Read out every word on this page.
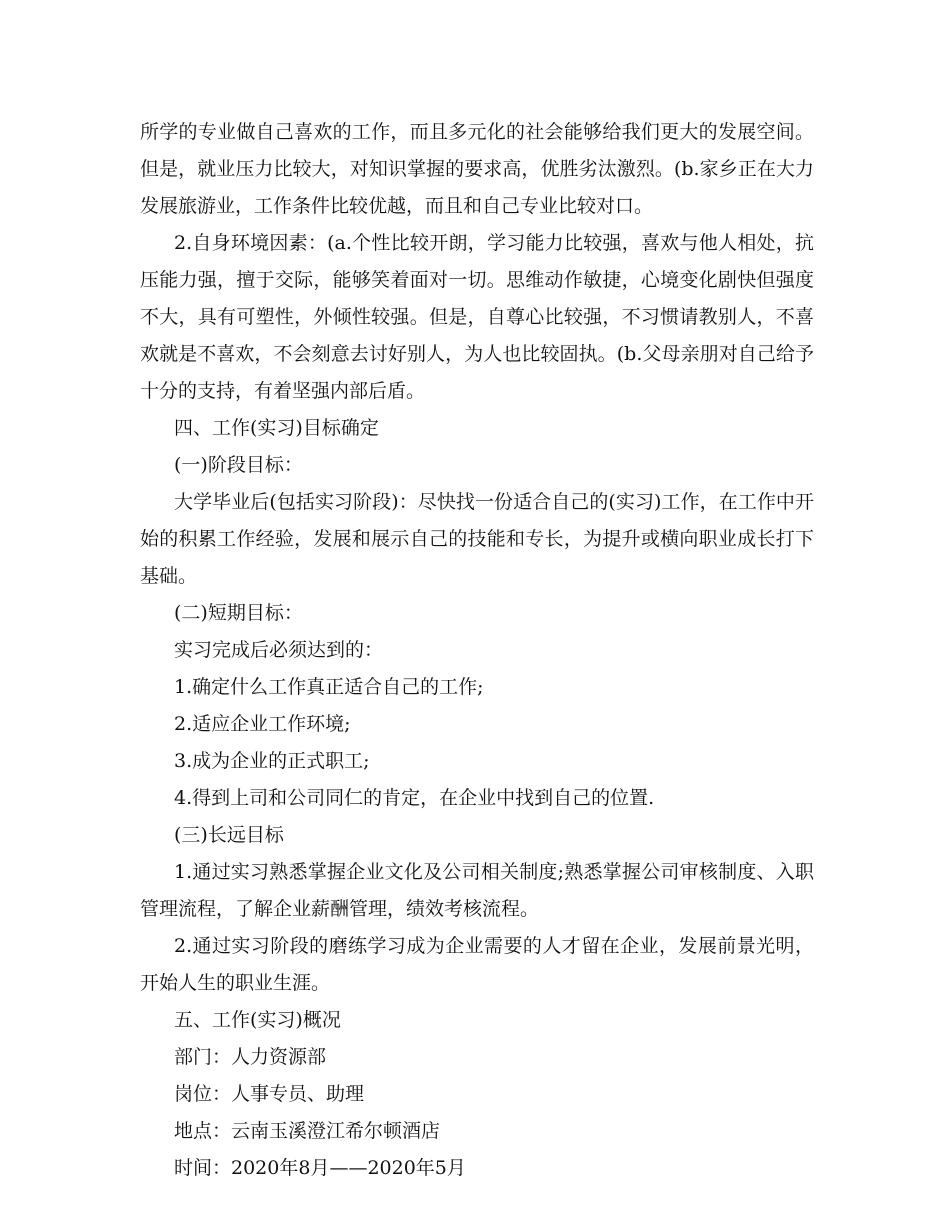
所学的专业做自己喜欢的工作，而且多元化的社会能够给我们更大的发展空间。但是，就业压力比较大，对知识掌握的要求高，优胜劣汰激烈。(b.家乡正在大力发展旅游业，工作条件比较优越，而且和自己专业比较对口。

2.自身环境因素：(a.个性比较开朗，学习能力比较强，喜欢与他人相处，抗压能力强，擅于交际，能够笑着面对一切。思维动作敏捷，心境变化剧快但强度不大，具有可塑性，外倾性较强。但是，自尊心比较强，不习惯请教别人，不喜欢就是不喜欢，不会刻意去讨好别人，为人也比较固执。(b.父母亲朋对自己给予十分的支持，有着坚强内部后盾。

四、工作(实习)目标确定

(一)阶段目标：

大学毕业后(包括实习阶段)：尽快找一份适合自己的(实习)工作，在工作中开始的积累工作经验，发展和展示自己的技能和专长，为提升或横向职业成长打下基础。

(二)短期目标：

实习完成后必须达到的：

1.确定什么工作真正适合自己的工作;

2.适应企业工作环境;

3.成为企业的正式职工;

4.得到上司和公司同仁的肯定，在企业中找到自己的位置.

(三)长远目标

1.通过实习熟悉掌握企业文化及公司相关制度;熟悉掌握公司审核制度、入职管理流程，了解企业薪酬管理，绩效考核流程。

2.通过实习阶段的磨练学习成为企业需要的人才留在企业，发展前景光明，开始人生的职业生涯。

五、工作(实习)概况

部门：人力资源部

岗位：人事专员、助理

地点：云南玉溪澄江希尔顿酒店

时间：2020年8月——2020年5月
